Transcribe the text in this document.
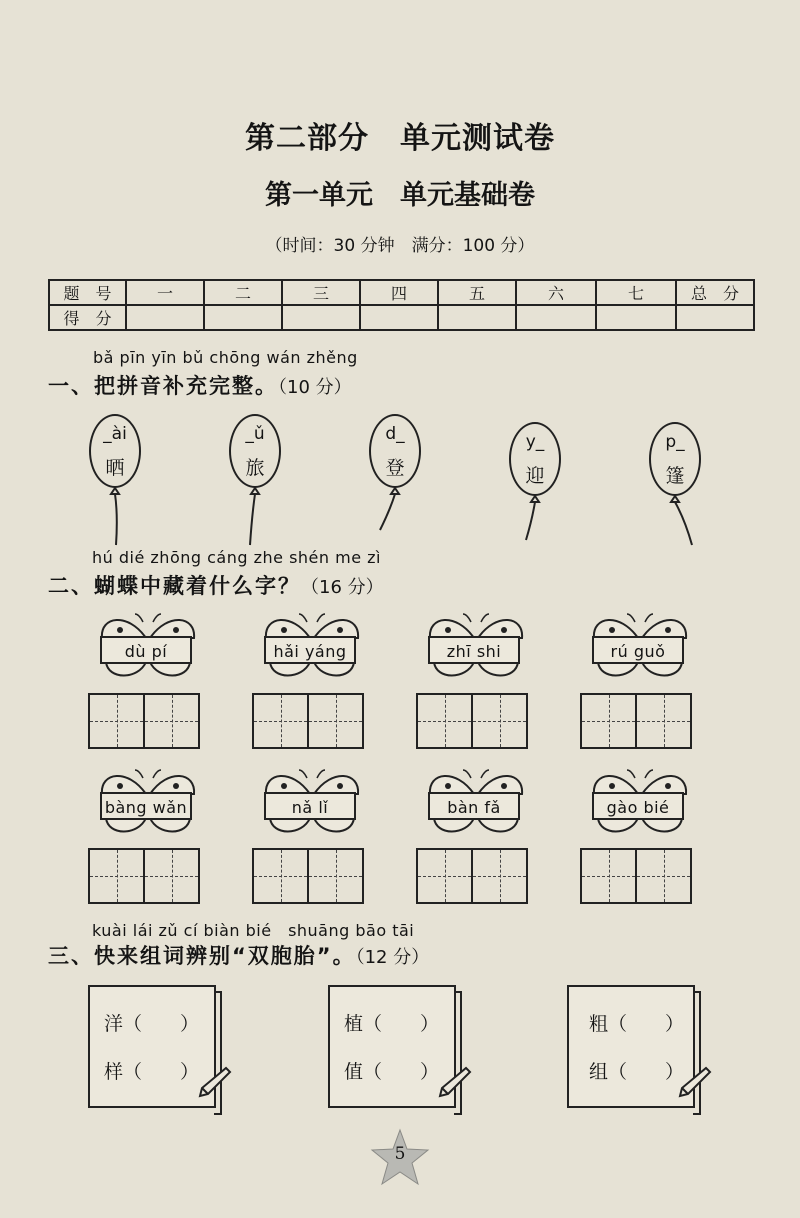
第二部分　单元测试卷
第一单元　单元基础卷
（时间：30 分钟　满分：100 分）
题　号	一	二	三	四	五	六	七	总　分
得　分								
bǎ pīn yīn bǔ chōng wán zhěng
一、把拼音补充完整。（10 分）
_ài
晒
_ǔ
旅
d_
登
y_
迎
p_
篷
hú dié zhōng cáng zhe shén me zì
二、蝴蝶中藏着什么字？（16 分）
dù pí	hǎi yáng	zhī shi	rú guǒ
bàng wǎn	nǎ lǐ	bàn fǎ	gào bié
kuài lái zǔ cí biàn bié　shuāng bāo tāi
三、快来组词辨别“双胞胎”。（12 分）
洋（　　）
样（　　）
植（　　）
值（　　）
粗（　　）
组（　　）
5
